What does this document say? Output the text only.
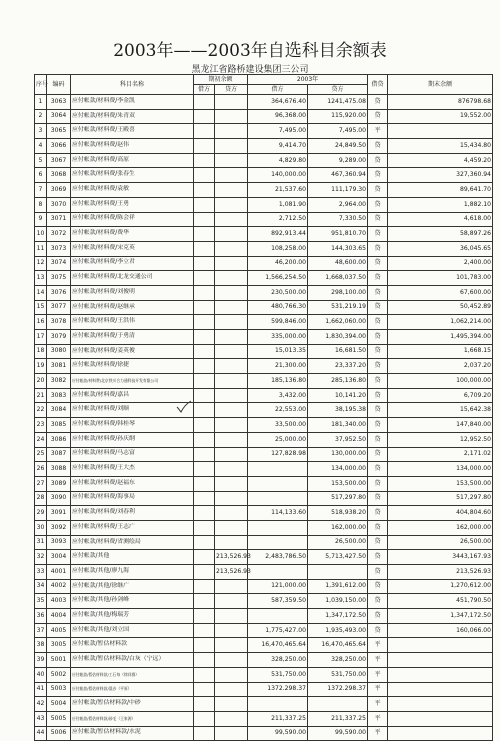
2003年——2003年自选科目余额表
黑龙江省路桥建设集团三公司
序号	编码	科目名称	期初余额		2003年		借贷	期末余额
			借方	贷方	借方	贷方		
1	3063	应付帐款/材料费/李金凯			364,676.40	1241,475.08	贷	876798.68
2	3064	应付帐款/材料费/朱青双			96,368.00	115,920.00	贷	19,552.00
3	3065	应付帐款/材料费/王殿喜			7,495.00	7,495.00	平	
4	3066	应付帐款/材料费/赵伟			9,414.70	24,849.50	贷	15,434.80
5	3067	应付帐款/材料费/高原			4,829.80	9,289.00	贷	4,459.20
6	3068	应付帐款/材料费/张春生			140,000.00	467,360.94	贷	327,360.94
7	3069	应付帐款/材料费/袁敏			21,537.60	111,179.30	贷	89,641.70
8	3070	应付帐款/材料费/王勇			1,081.90	2,964.00	贷	1,882.10
9	3071	应付帐款/材料费/陈会祥			2,712.50	7,330.50	贷	4,618.00
10	3072	应付帐款/材料费/费华			892,913.44	951,810.70	贷	58,897.26
11	3073	应付帐款/材料费/宋克英			108,258.00	144,303.65	贷	36,045.65
12	3074	应付帐款/材料费/李立君			46,200.00	48,600.00	贷	2,400.00
13	3075	应付帐款/材料费/北龙交通公司			1,566,254.50	1,668,037.50	贷	101,783.00
14	3076	应付帐款/材料费/刘俊明			230,500.00	298,100.00	贷	67,600.00
15	3077	应付帐款/材料费/赵继承			480,766.30	531,219.19	贷	50,452.89
16	3078	应付帐款/材料费/王洪伟			599,846.00	1,662,060.00	贷	1,062,214.00
17	3079	应付帐款/材料费/于勇清			335,000.00	1,830,394.00	贷	1,495,394.00
18	3080	应付帐款/材料费/姜英俊			15,013.35	16,681.50	贷	1,668.15
19	3081	应付帐款/材料费/徐捷			21,300.00	23,337.20	贷	2,037.20
20	3082	应付帐款/材料费/北京铁川合力通科技开发有限公司			185,136.80	285,136.80	贷	100,000.00
21	3083	应付帐款/材料费/嘉昌			3,432.00	10,141.20	贷	6,709.20
22	3084	应付帐款/材料费/刘顺			22,553.00	38,195.38	贷	15,642.38
23	3085	应付帐款/材料费/韩桂琴			33,500.00	181,340.00	贷	147,840.00
24	3086	应付帐款/材料费/孙庆纲			25,000.00	37,952.50	贷	12,952.50
25	3087	应付帐款/材料费/马志富			127,828.98	130,000.00	贷	2,171.02
26	3088	应付帐款/材料费/王大杰				134,000.00	贷	134,000.00
27	3089	应付帐款/材料费/赵福东				153,500.00	贷	153,500.00
28	3090	应付帐款/材料费/海事局				517,297.80	贷	517,297.80
29	3091	应付帐款/材料费/刘春利			114,133.60	518,938.20	贷	404,804.60
30	3092	应付帐款/材料费/王志广				162,000.00	贷	162,000.00
31	3093	应付帐款/材料费/省测绘局				26,500.00	贷	26,500.00
32	3004	应付帐款/其他		213,526.93	2,483,786.50	5,713,427.50	贷	3443,167.93
33	4001	应付帐款/其他/廖九海		213,526.93			贷	213,526.93
34	4002	应付帐款/其他/徐继广			121,000.00	1,391,612.00	贷	1,270,612.00
35	4003	应付帐款/其他/孙剑峰			587,359.50	1,039,150.00	贷	451,790.50
36	4004	应付帐款/其他/梅瑞芳				1,347,172.50	贷	1,347,172.50
37	4005	应付帐款/其他/刘立国			1,775,427.00	1,935,493.00	贷	160,066.00
38	3005	应付帐款/暂估材料款			16,470,465.64	16,470,465.64	平	
39	5001	应付帐款/暂估材料款/白灰（宁远）			328,250.00	328,250.00	平	
40	5002	应付帐款/暂估材料款/工石每（徐祥群）			531,750.00	531,750.00	平	
41	5003	应付帐款/暂估材料款/混沙（平原）			1372.298.37	1372.298.37	平	
42	5004	应付帐款/暂估材料款/中砂					平	
43	5005	应付帐款/暂估材料款/砂毛（王家源）			211,337.25	211,337.25	平	
44	5006	应付帐款/暂估材料款/水泥			99,590.00	99,590.00	平	
